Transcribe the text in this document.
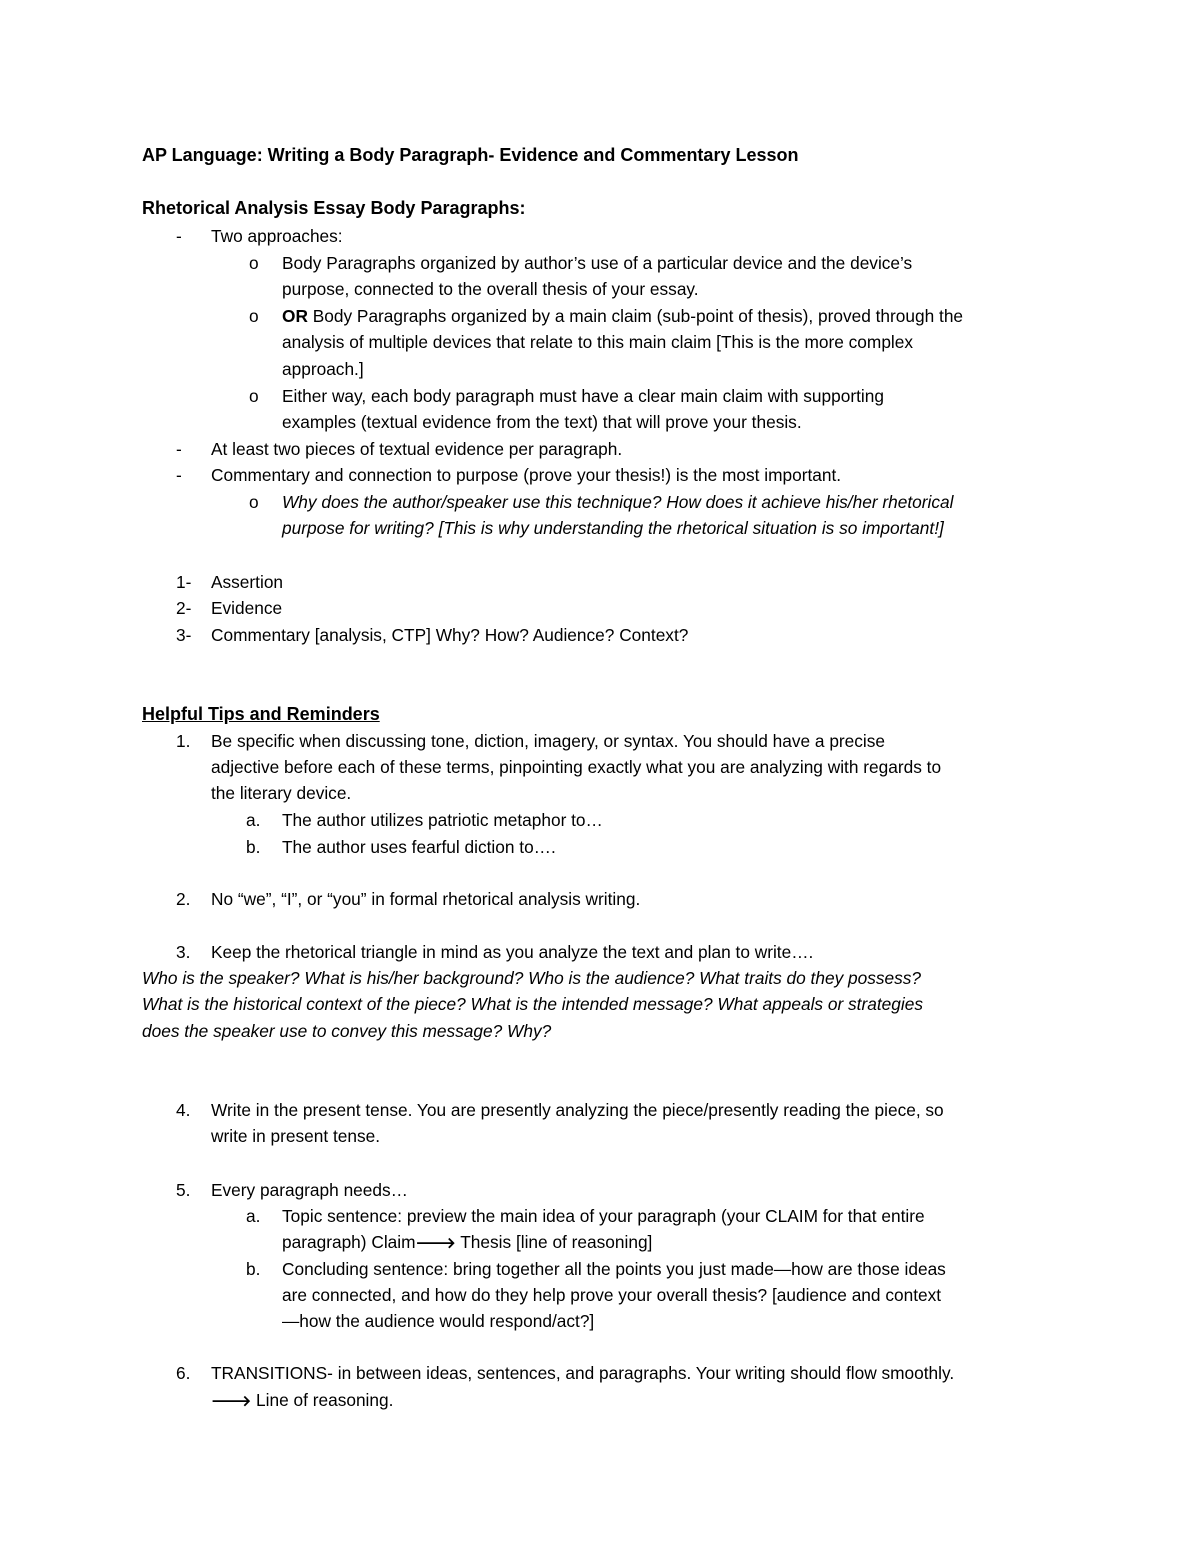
AP Language: Writing a Body Paragraph- Evidence and Commentary Lesson
Rhetorical Analysis Essay Body Paragraphs:
- Two approaches:
o Body Paragraphs organized by author’s use of a particular device and the device’s
purpose, connected to the overall thesis of your essay.
o OR Body Paragraphs organized by a main claim (sub-point of thesis), proved through the
analysis of multiple devices that relate to this main claim [This is the more complex
approach.]
o Either way, each body paragraph must have a clear main claim with supporting
examples (textual evidence from the text) that will prove your thesis.
- At least two pieces of textual evidence per paragraph.
- Commentary and connection to purpose (prove your thesis!) is the most important.
o Why does the author/speaker use this technique? How does it achieve his/her rhetorical
purpose for writing? [This is why understanding the rhetorical situation is so important!]
1- Assertion
2- Evidence
3- Commentary [analysis, CTP] Why? How? Audience? Context?
Helpful Tips and Reminders
1. Be specific when discussing tone, diction, imagery, or syntax. You should have a precise
adjective before each of these terms, pinpointing exactly what you are analyzing with regards to
the literary device.
a. The author utilizes patriotic metaphor to…
b. The author uses fearful diction to….
2. No “we”, “I”, or “you” in formal rhetorical analysis writing.
3. Keep the rhetorical triangle in mind as you analyze the text and plan to write….
Who is the speaker? What is his/her background? Who is the audience? What traits do they possess?
What is the historical context of the piece? What is the intended message? What appeals or strategies
does the speaker use to convey this message? Why?
4. Write in the present tense. You are presently analyzing the piece/presently reading the piece, so
write in present tense.
5. Every paragraph needs…
a. Topic sentence: preview the main idea of your paragraph (your CLAIM for that entire
paragraph) Claim🡒 Thesis [line of reasoning]
b. Concluding sentence: bring together all the points you just made—how are those ideas
are connected, and how do they help prove your overall thesis? [audience and context
—how the audience would respond/act?]
6. TRANSITIONS- in between ideas, sentences, and paragraphs. Your writing should flow smoothly.
🡒 Line of reasoning.
